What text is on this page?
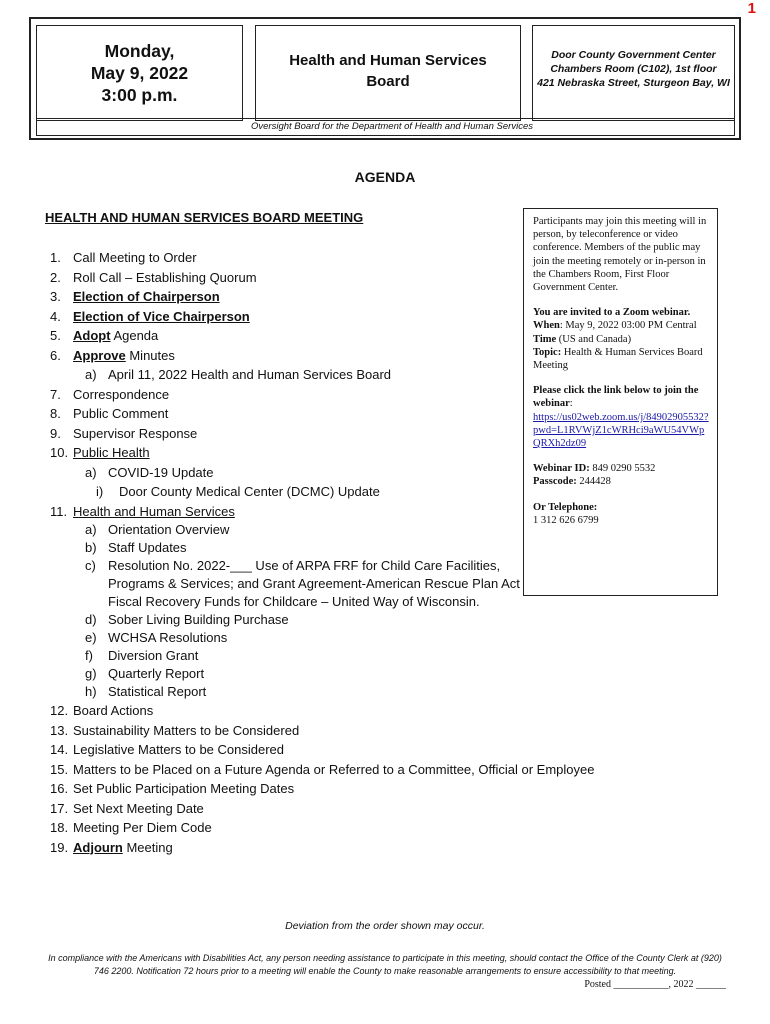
1
Monday,
May 9, 2022
3:00 p.m.
Health and Human Services
Board
Door County Government Center
Chambers Room (C102), 1st floor
421 Nebraska Street, Sturgeon Bay, WI
Oversight Board for the Department of Health and Human Services
AGENDA
HEALTH AND HUMAN SERVICES BOARD MEETING
1. Call Meeting to Order
2. Roll Call – Establishing Quorum
3. Election of Chairperson
4. Election of Vice Chairperson
5. Adopt Agenda
6. Approve Minutes
a) April 11, 2022 Health and Human Services Board
7. Correspondence
8. Public Comment
9. Supervisor Response
10. Public Health
a) COVID-19 Update
i) Door County Medical Center (DCMC) Update
11. Health and Human Services
a) Orientation Overview
b) Staff Updates
c) Resolution No. 2022-___ Use of ARPA FRF for Child Care Facilities,
Programs & Services; and Grant Agreement-American Rescue Plan Act
Fiscal Recovery Funds for Childcare – United Way of Wisconsin.
d) Sober Living Building Purchase
e) WCHSA Resolutions
f) Diversion Grant
g) Quarterly Report
h) Statistical Report
12. Board Actions
13. Sustainability Matters to be Considered
14. Legislative Matters to be Considered
15. Matters to be Placed on a Future Agenda or Referred to a Committee, Official or Employee
16. Set Public Participation Meeting Dates
17. Set Next Meeting Date
18. Meeting Per Diem Code
19. Adjourn Meeting

Participants may join this meeting will in person, by teleconference or video conference. Members of the public may join the meeting remotely or in-person in the Chambers Room, First Floor Government Center.

You are invited to a Zoom webinar.
When: May 9, 2022 03:00 PM Central Time (US and Canada)
Topic: Health & Human Services Board Meeting

Please click the link below to join the webinar:
https://us02web.zoom.us/j/84902905532?pwd=L1RVWjZ1cWRHci9aWU54VWpQRXh2dz09

Webinar ID: 849 0290 5532
Passcode: 244428

Or Telephone:
1 312 626 6799

Deviation from the order shown may occur.
In compliance with the Americans with Disabilities Act, any person needing assistance to participate in this meeting, should contact the Office of the County Clerk at (920) 746 2200. Notification 72 hours prior to a meeting will enable the County to make reasonable arrangements to ensure accessibility to that meeting.
Posted ___________, 2022 ______
